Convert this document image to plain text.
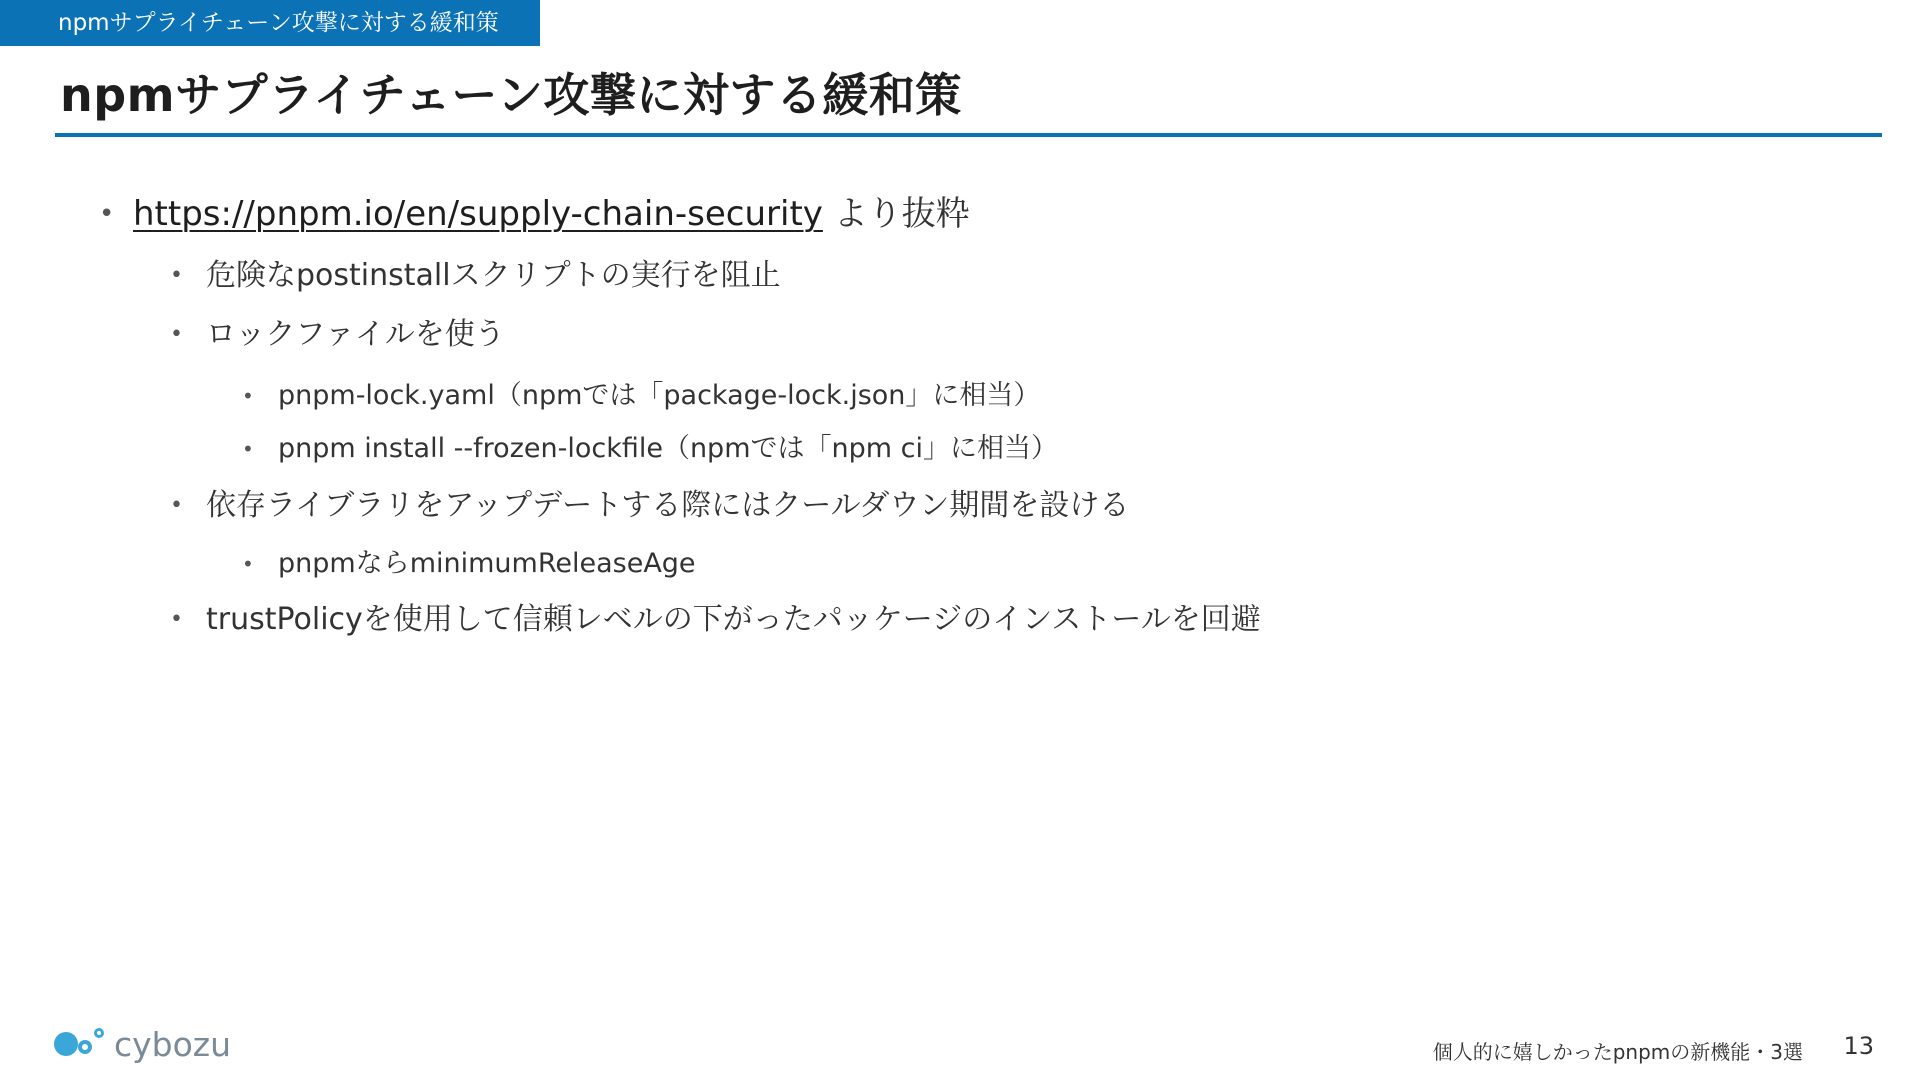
npmサプライチェーン攻撃に対する緩和策
npmサプライチェーン攻撃に対する緩和策
• https://pnpm.io/en/supply-chain-security より抜粋
• 危険なpostinstallスクリプトの実行を阻止
• ロックファイルを使う
• pnpm-lock.yaml（npmでは「package-lock.json」に相当）
• pnpm install --frozen-lockfile（npmでは「npm ci」に相当）
• 依存ライブラリをアップデートする際にはクールダウン期間を設ける
• pnpmならminimumReleaseAge
• trustPolicyを使用して信頼レベルの下がったパッケージのインストールを回避
cybozu	個人的に嬉しかったpnpmの新機能・3選 13
